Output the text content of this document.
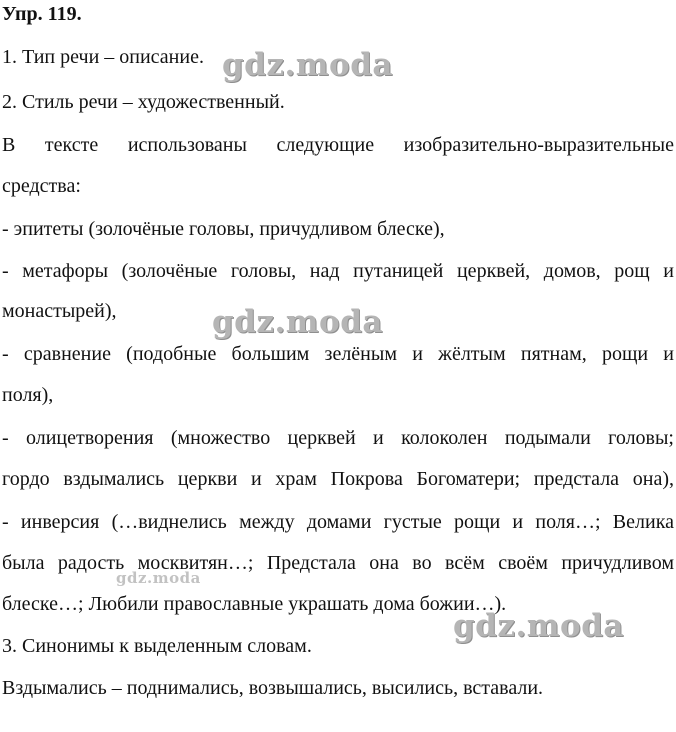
Упр. 119.
1. Тип речи – описание.
2. Стиль речи – художественный.
В тексте использованы следующие изобразительно-выразительные
средства:
- эпитеты (золочёные головы, причудливом блеске),
- метафоры (золочёные головы, над путаницей церквей, домов, рощ и
монастырей),
- сравнение (подобные большим зелёным и жёлтым пятнам, рощи и
поля),
- олицетворения (множество церквей и колоколен подымали головы;
гордо вздымались церкви и храм Покрова Богоматери; предстала она),
- инверсия (…виднелись между домами густые рощи и поля…; Велика
была радость москвитян…; Предстала она во всём своём причудливом
блеске…; Любили православные украшать дома божии…).
3. Синонимы к выделенным словам.
Вздымались – поднимались, возвышались, высились, вставали.
gdz.moda
gdz.moda
gdz.moda
gdz.moda
